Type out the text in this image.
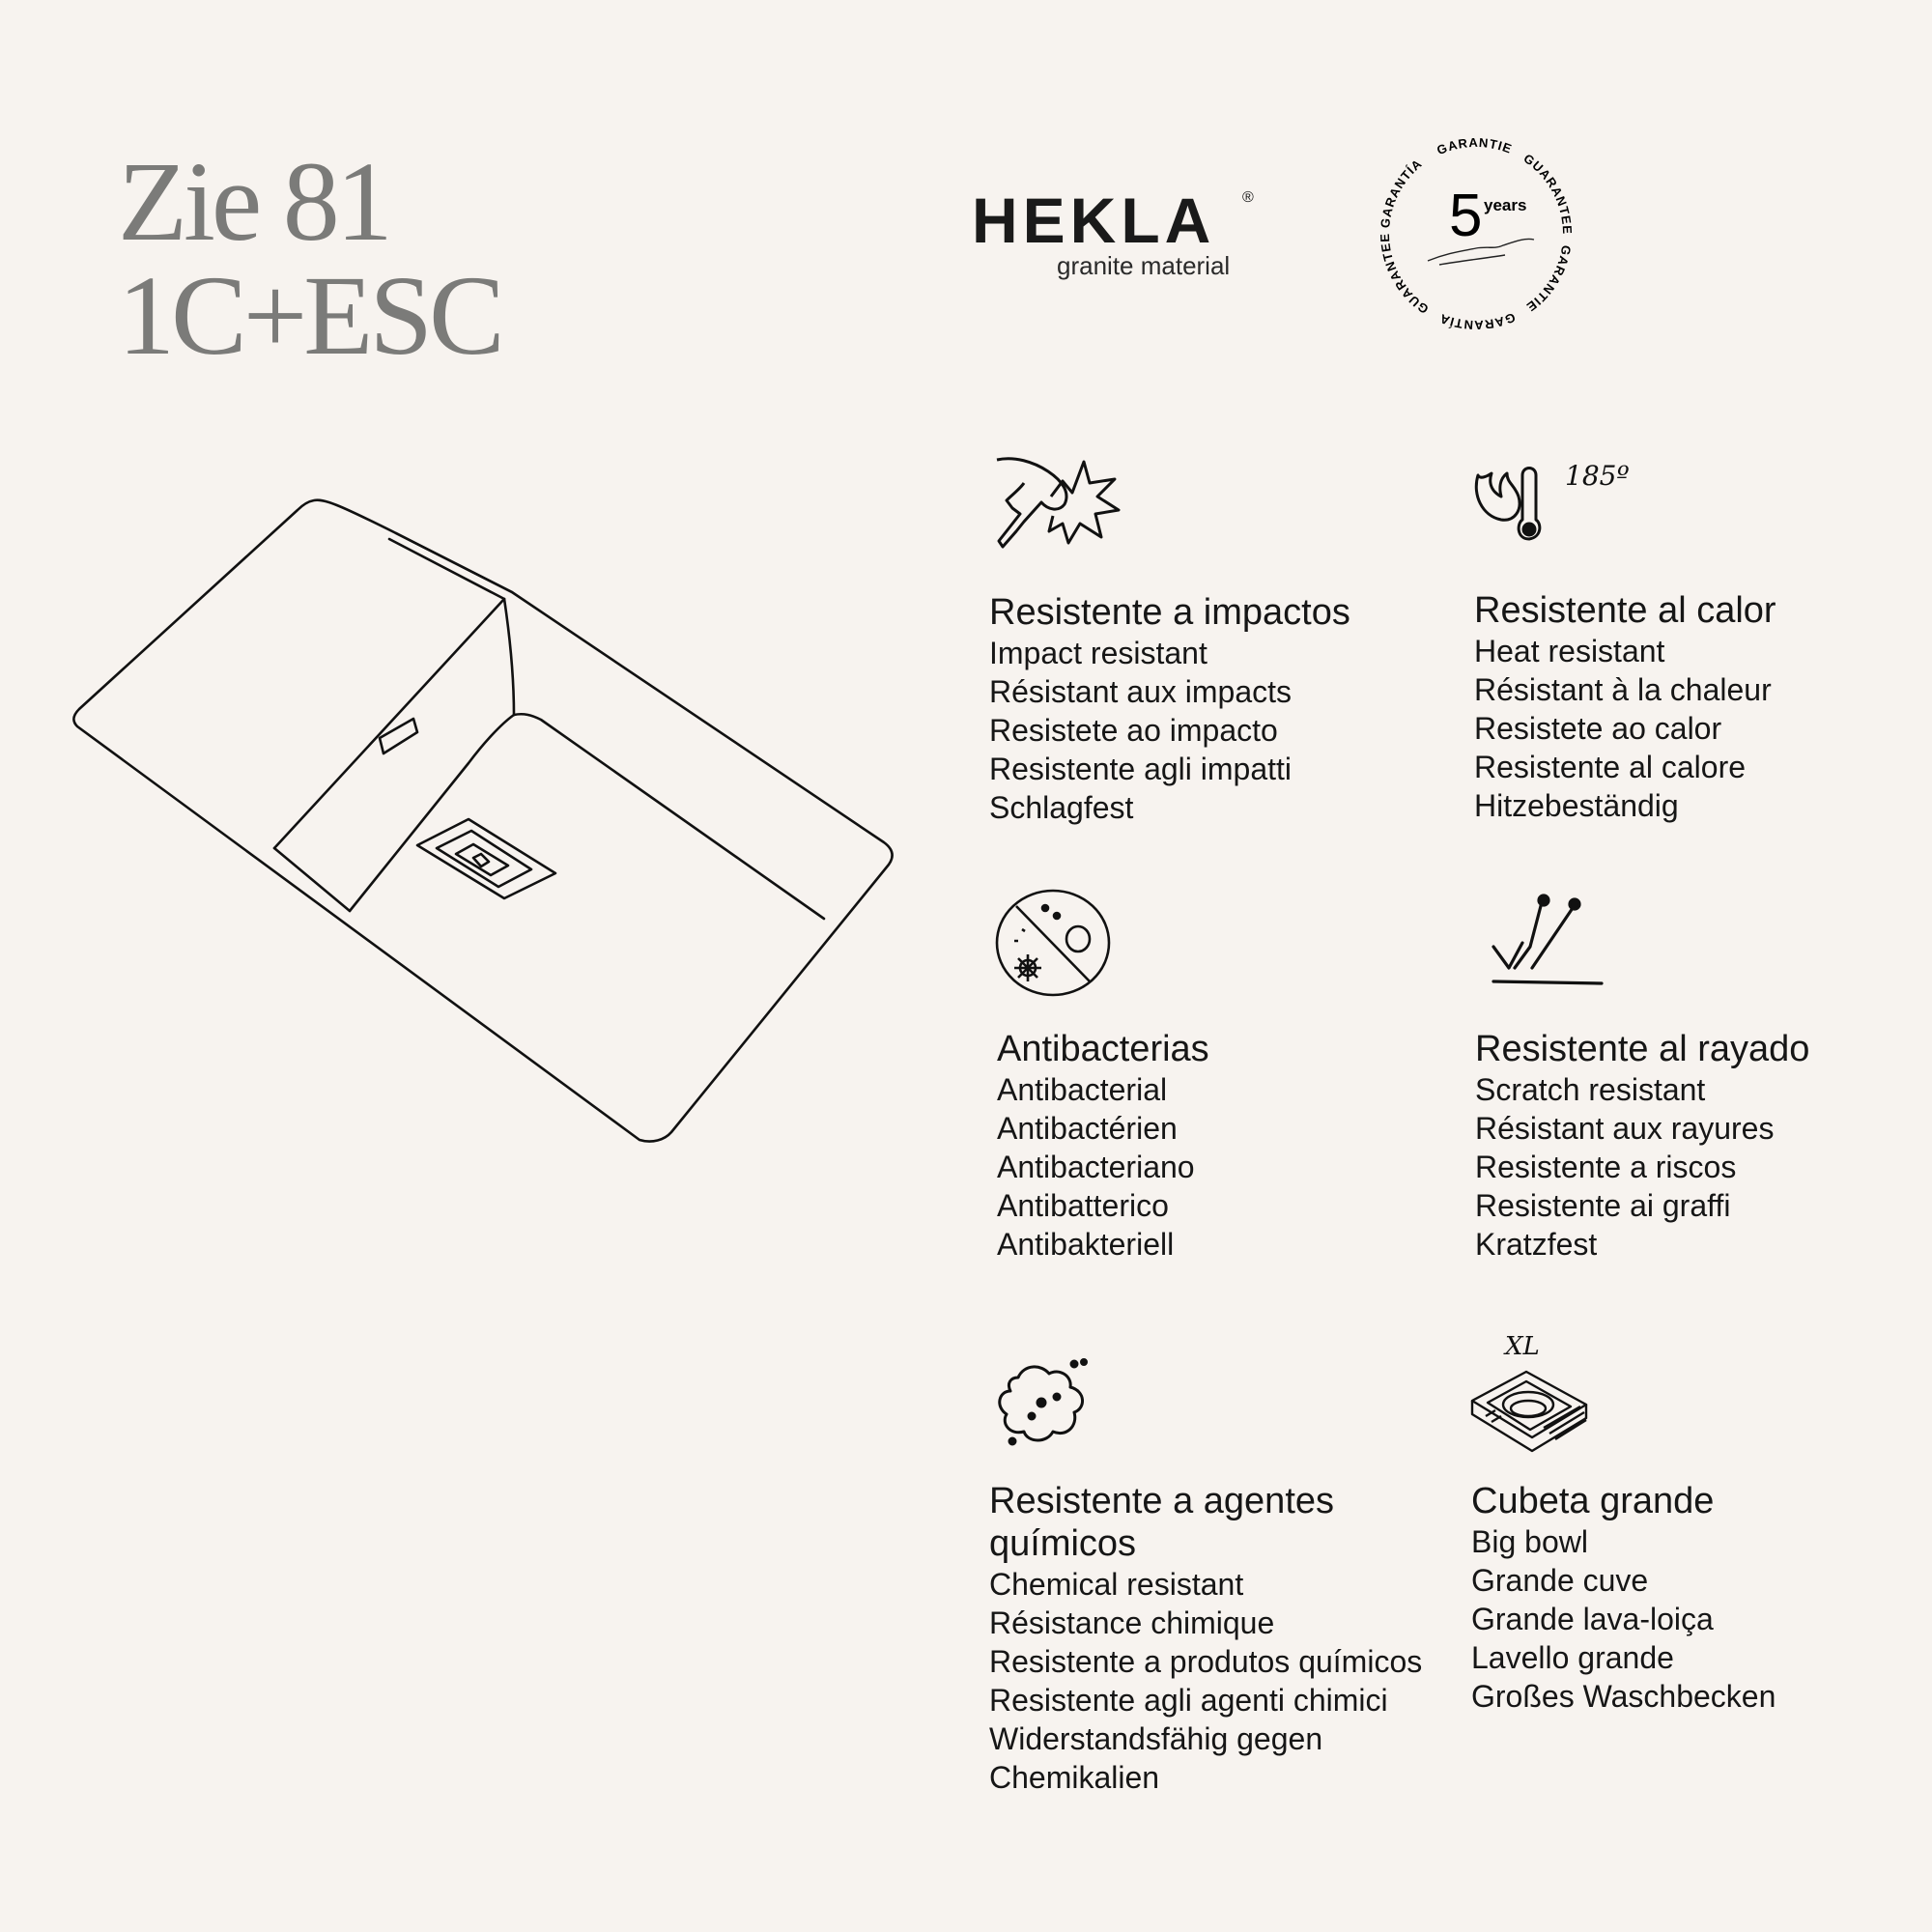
Zie 81
1C+ESC
HEKLA	®
granite material
GARANTÍA
GARANTIE
GUARANTEE
GARANTIE
GARANTÍA
GUARANTEE 5 years

Resistente a impactos

Impact resistant

Résistant aux impacts

Resistete ao impacto

Resistente agli impatti

Schlagfest

185º

Resistente al calor

Heat resistant

Résistant à la chaleur

Resistete ao calor

Resistente al calore

Hitzebeständig

Antibacterias

Antibacterial

Antibactérien

Antibacteriano

Antibatterico

Antibakteriell

Resistente al rayado

Scratch resistant

Résistant aux rayures

Resistente a riscos

Resistente ai graffi

Kratzfest

Resistente a agentes químicos

Chemical resistant

Résistance chimique

Resistente a produtos químicos

Resistente agli agenti chimici

Widerstandsfähig gegen Chemikalien

XL

Cubeta grande

Big bowl

Grande cuve

Grande lava-loiça

Lavello grande

Großes Waschbecken
